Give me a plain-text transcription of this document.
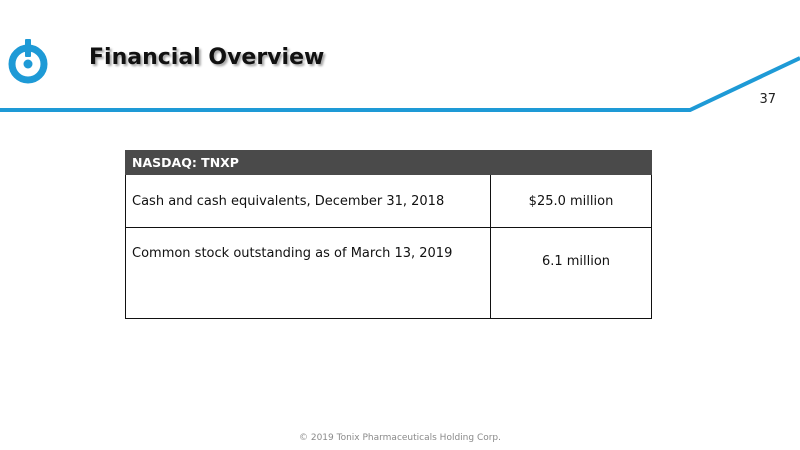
Financial Overview
37
NASDAQ: TNXP	
Cash and cash equivalents, December 31, 2018	$25.0 million
Common stock outstanding as of March 13, 2019	6.1 million
© 2019 Tonix Pharmaceuticals Holding Corp.
